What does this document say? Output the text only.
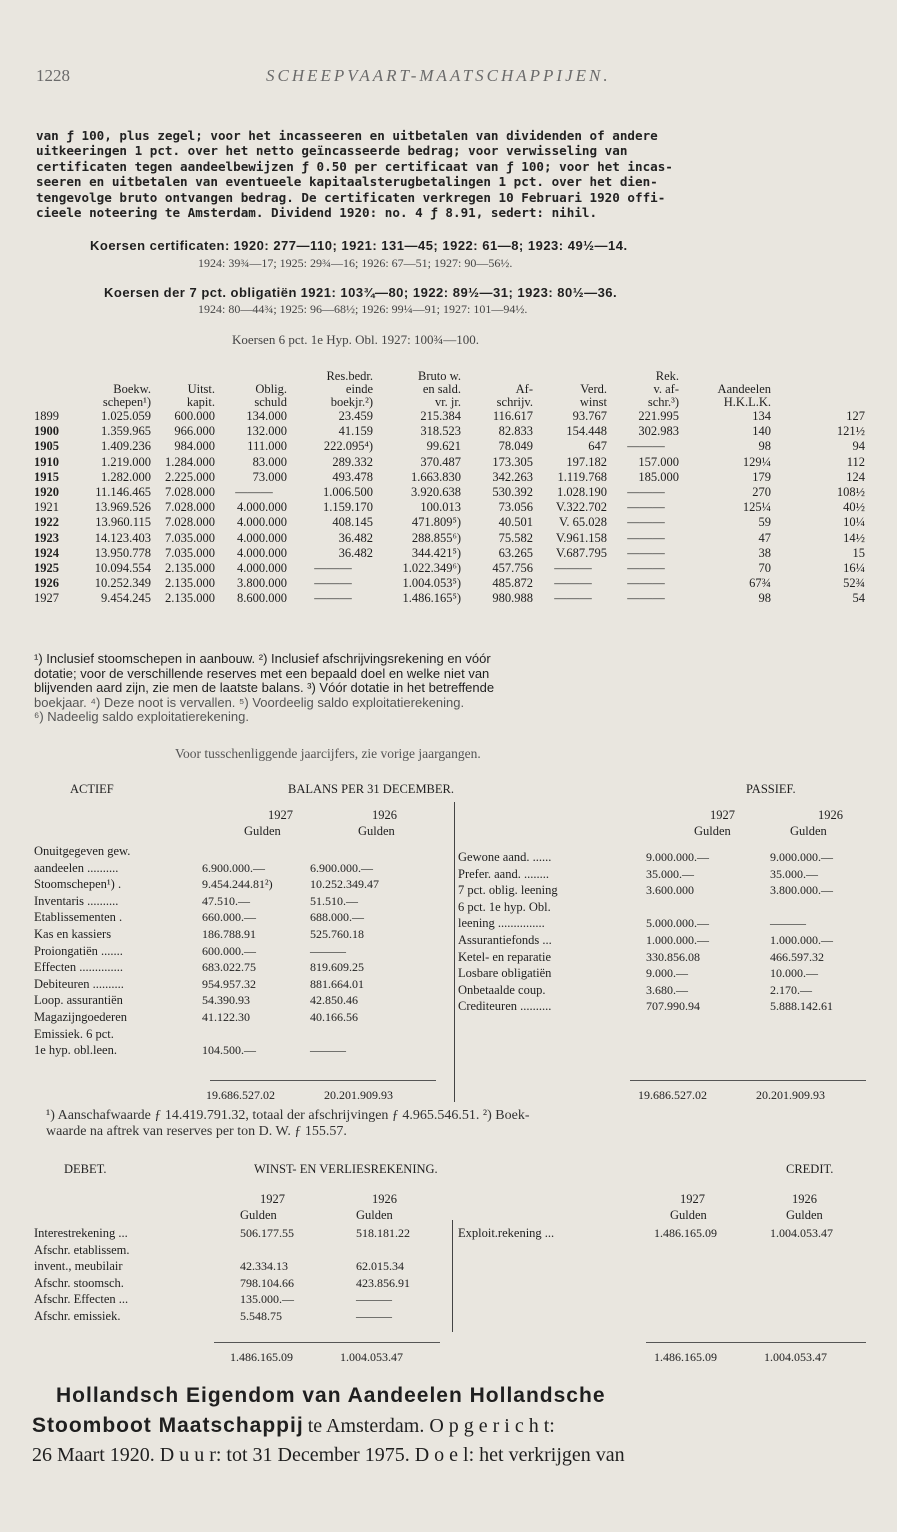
1228	SCHEEPVAART-MAATSCHAPPIJEN.
van ƒ 100, plus zegel; voor het incasseeren en uitbetalen van dividenden of andere
uitkeeringen 1 pct. over het netto geïncasseerde bedrag; voor verwisseling van
certificaten tegen aandeelbewijzen ƒ 0.50 per certificaat van ƒ 100; voor het incas-
seeren en uitbetalen van eventueele kapitaalsterugbetalingen 1 pct. over het dien-
tengevolge bruto ontvangen bedrag. De certificaten verkregen 10 Februari 1920 offi-
cieele noteering te Amsterdam. Dividend 1920: no. 4 ƒ 8.91, sedert: nihil.
Koersen certificaten: 1920: 277—110; 1921: 131—45; 1922: 61—8; 1923: 49½—14.
1924: 39¾—17; 1925: 29¾—16; 1926: 67—51; 1927: 90—56½.
Koersen der 7 pct. obligatiën 1921: 103¾—80; 1922: 89½—31; 1923: 80½—36.
1924: 80—44¾; 1925: 96—68½; 1926: 99¼—91; 1927: 101—94½.
Koersen 6 pct. 1e Hyp. Obl. 1927: 100¾—100.
				Res.bedr.	Bruto w.			Rek.		
	Boekw.	Uitst.	Oblig.	einde	en sald.	Af-	Verd.	v. af-	Aandeelen	
	schepen¹)	kapit.	schuld	boekjr.²)	vr. jr.	schrijv.	winst	schr.³)	H.K.L.K.	
1899	1.025.059	600.000	134.000	23.459	215.384	116.617	93.767	221.995	134	127
1900	1.359.965	966.000	132.000	41.159	318.523	82.833	154.448	302.983	140	121½
1905	1.409.236	984.000	111.000	222.095⁴)	99.621	78.049	647	———	98	94
1910	1.219.000	1.284.000	83.000	289.332	370.487	173.305	197.182	157.000	129¼	112
1915	1.282.000	2.225.000	73.000	493.478	1.663.830	342.263	1.119.768	185.000	179	124
1920	11.146.465	7.028.000	———	1.006.500	3.920.638	530.392	1.028.190	———	270	108½
1921	13.969.526	7.028.000	4.000.000	1.159.170	100.013	73.056	V.322.702	———	125¼	40½
1922	13.960.115	7.028.000	4.000.000	408.145	471.809⁵)	40.501	V. 65.028	———	59	10¼
1923	14.123.403	7.035.000	4.000.000	36.482	288.855⁶)	75.582	V.961.158	———	47	14½
1924	13.950.778	7.035.000	4.000.000	36.482	344.421⁵)	63.265	V.687.795	———	38	15
1925	10.094.554	2.135.000	4.000.000	———	1.022.349⁶)	457.756	———	———	70	16¼
1926	10.252.349	2.135.000	3.800.000	———	1.004.053⁵)	485.872	———	———	67¾	52¾
1927	9.454.245	2.135.000	8.600.000	———	1.486.165⁵)	980.988	———	———	98	54
¹) Inclusief stoomschepen in aanbouw. ²) Inclusief afschrijvingsrekening en vóór
dotatie; voor de verschillende reserves met een bepaald doel en welke niet van
blijvenden aard zijn, zie men de laatste balans. ³) Vóór dotatie in het betreffende
boekjaar. ⁴) Deze noot is vervallen. ⁵) Voordeelig saldo exploitatierekening.
⁶) Nadeelig saldo exploitatierekening.
Voor tusschenliggende jaarcijfers, zie vorige jaargangen.
ACTIEF	BALANS PER 31 DECEMBER.	PASSIEF.
1927	1926
Gulden	Gulden
1927	1926
Gulden	Gulden
Onuitgegeven gew.
aandeelen ..........	6.900.000.—	6.900.000.—
Stoomschepen¹) .	9.454.244.81²)	10.252.349.47
Inventaris ..........	47.510.—	51.510.—
Etablissementen .	660.000.—	688.000.—
Kas en kassiers	186.788.91	525.760.18
Proiongatiën .......	600.000.—	———
Effecten ..............	683.022.75	819.609.25
Debiteuren ..........	954.957.32	881.664.01
Loop. assurantiën	54.390.93	42.850.46
Magazijngoederen	41.122.30	40.166.56
Emissiek. 6 pct.
1e hyp. obl.leen.	104.500.—	———
Gewone aand. ......	9.000.000.—	9.000.000.—
Prefer. aand. ........	35.000.—	35.000.—
7 pct. oblig. leening	3.600.000	3.800.000.—
6 pct. 1e hyp. Obl.
leening ...............	5.000.000.—	———
Assurantiefonds ...	1.000.000.—	1.000.000.—
Ketel- en reparatie	330.856.08	466.597.32
Losbare obligatiën	9.000.—	10.000.—
Onbetaalde coup.	3.680.—	2.170.—
Crediteuren ..........	707.990.94	5.888.142.61
19.686.527.02	20.201.909.93	19.686.527.02	20.201.909.93
¹) Aanschafwaarde ƒ 14.419.791.32, totaal der afschrijvingen ƒ 4.965.546.51. ²) Boek-
waarde na aftrek van reserves per ton D. W. ƒ 155.57.
DEBET.	WINST- EN VERLIESREKENING.	CREDIT.
1927	1926
Gulden	Gulden
1927	1926
Gulden	Gulden
Interestrekening ...	506.177.55	518.181.22
Afschr. etablissem.
invent., meubilair	42.334.13	62.015.34
Afschr. stoomsch.	798.104.66	423.856.91
Afschr. Effecten ...	135.000.—	———
Afschr. emissiek.	5.548.75	———
Exploit.rekening ...	1.486.165.09	1.004.053.47
1.486.165.09	1.004.053.47	1.486.165.09	1.004.053.47
Hollandsch Eigendom van Aandeelen Hollandsche
Stoomboot Maatschappij te Amsterdam. O p g e r i c h t:
26 Maart 1920. D u u r: tot 31 December 1975. D o e l: het verkrijgen van
